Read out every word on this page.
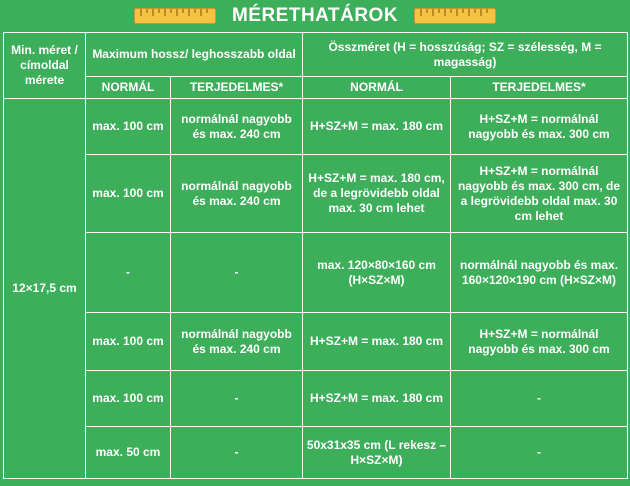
MÉRETHATÁROK
Min. méret / címoldal mérete	Maximum hossz/ leghosszabb oldal		Összméret (H = hosszúság; SZ = szélesség, M = magasság)	
	NORMÁL	TERJEDELMES*	NORMÁL	TERJEDELMES*
12×17,5 cm	max. 100 cm	normálnál nagyobb és max. 240 cm	H+SZ+M = max. 180 cm	H+SZ+M = normálnál nagyobb és max. 300 cm
	max. 100 cm	normálnál nagyobb és max. 240 cm	H+SZ+M = max. 180 cm, de a legrövidebb oldal max. 30 cm lehet	H+SZ+M = normálnál nagyobb és max. 300 cm, de a legrövidebb oldal max. 30 cm lehet
	-	-	max. 120×80×160 cm (H×SZ×M)	normálnál nagyobb és max. 160×120×190 cm (H×SZ×M)
	max. 100 cm	normálnál nagyobb és max. 240 cm	H+SZ+M = max. 180 cm	H+SZ+M = normálnál nagyobb és max. 300 cm
	max. 100 cm	-	H+SZ+M = max. 180 cm	-
	max. 50 cm	-	50x31x35 cm (L rekesz – H×SZ×M)	-
